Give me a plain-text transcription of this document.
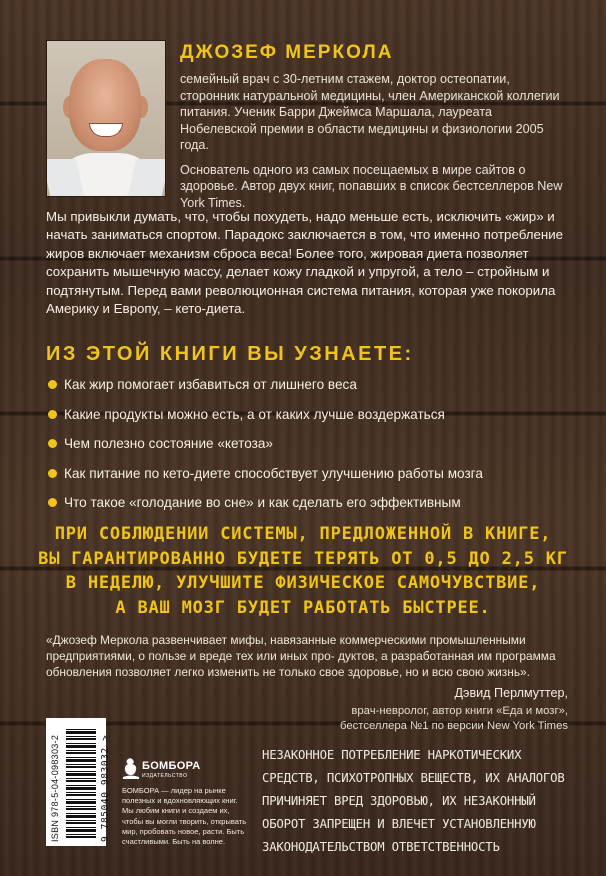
ДЖОЗЕФ МЕРКОЛА

семейный врач с 30-летним стажем, доктор остеопатии, сторонник натуральной медицины, член Американской коллегии питания. Ученик Барри Джеймса Маршала, лауреата Нобелевской премии в области медицины и физиологии 2005 года.

Основатель одного из самых посещаемых в мире сайтов о здоровье. Автор двух книг, попавших в список бестселлеров New York Times.

Мы привыкли думать, что, чтобы похудеть, надо меньше есть, исключить «жир» и начать заниматься спортом. Парадокс заключается в том, что именно потребление жиров включает механизм сброса веса! Более того, жировая диета позволяет сохранить мышечную массу, делает кожу гладкой и упругой, а тело – стройным и подтянутым. Перед вами революционная система питания, которая уже покорила Америку и Европу, – кето-диета.

ИЗ ЭТОЙ КНИГИ ВЫ УЗНАЕТЕ:
Как жир помогает избавиться от лишнего веса
Какие продукты можно есть, а от каких лучше воздержаться
Чем полезно состояние «кетоза»
Как питание по кето-диете способствует улучшению работы мозга
Что такое «голодание во сне» и как сделать его эффективным
ПРИ СОБЛЮДЕНИИ СИСТЕМЫ, ПРЕДЛОЖЕННОЙ В КНИГЕ,
ВЫ ГАРАНТИРОВАННО БУДЕТЕ ТЕРЯТЬ ОТ 0,5 ДО 2,5 КГ
В НЕДЕЛЮ, УЛУЧШИТЕ ФИЗИЧЕСКОЕ САМОЧУВСТВИЕ,
А ВАШ МОЗГ БУДЕТ РАБОТАТЬ БЫСТРЕЕ.

«Джозеф Меркола развенчивает мифы, навязанные коммерческими промышленными предприятиями, о пользе и вреде тех или иных про- дуктов, а разработанная им программа обновления позволяет легко изменить не только свое здоровье, но и всю свою жизнь».

Дэвид Перлмуттер,
врач-невролог, автор книги «Еда и мозг»,
бестселлера №1 по версии New York Times
ISBN 978-5-04-098303-2	9 785040 983032 >	БОМБОРА
ИЗДАТЕЛЬСТВО

БОМБОРА — лидер на рынке полезных и вдохновляющих книг. Мы любим книги и создаем их, чтобы вы могли творить, открывать мир, пробовать новое, расти. Быть счастливыми. Быть на волне.

НЕЗАКОННОЕ ПОТРЕБЛЕНИЕ НАРКОТИЧЕСКИХ СРЕДСТВ, ПСИХОТРОПНЫХ ВЕЩЕСТВ, ИХ АНАЛОГОВ ПРИЧИНЯЕТ ВРЕД ЗДОРОВЬЮ, ИХ НЕЗАКОННЫЙ ОБОРОТ ЗАПРЕЩЕН И ВЛЕЧЕТ УСТАНОВЛЕННУЮ ЗАКОНОДАТЕЛЬСТВОМ ОТВЕТСТВЕННОСТЬ
